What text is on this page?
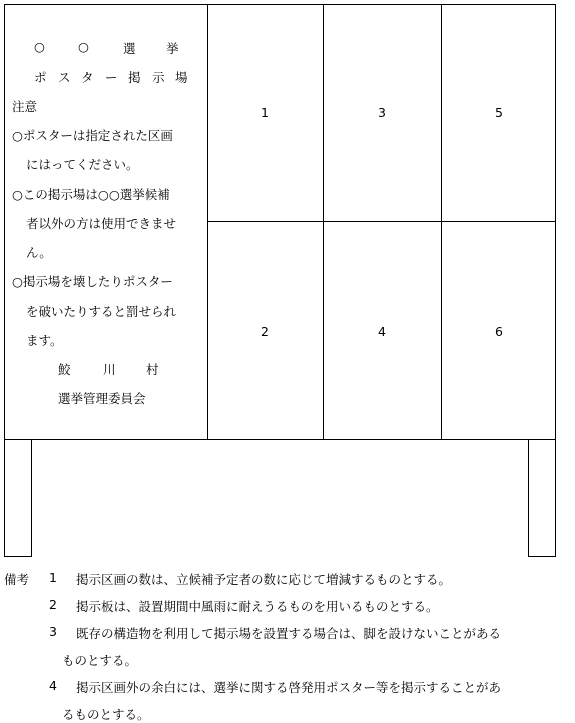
1	3	5
2	4	6
○	○	選 挙
ポ ス タ ー 掲 示 場
注意
○ポスターは指定された区画
にはってください。
○この掲示場は○○選挙候補
者以外の方は使用できませ
ん。
○掲示場を壊したりポスター
を破いたりすると罰せられ
ます。
鮫	川 村
選挙管理委員会
備考 1 掲示区画の数は、立候補予定者の数に応じて増減するものとする。
2 掲示板は、設置期間中風雨に耐えうるものを用いるものとする。
3 既存の構造物を利用して掲示場を設置する場合は、脚を設けないことがある
ものとする。
4 掲示区画外の余白には、選挙に関する啓発用ポスター等を掲示することがあ
るものとする。
